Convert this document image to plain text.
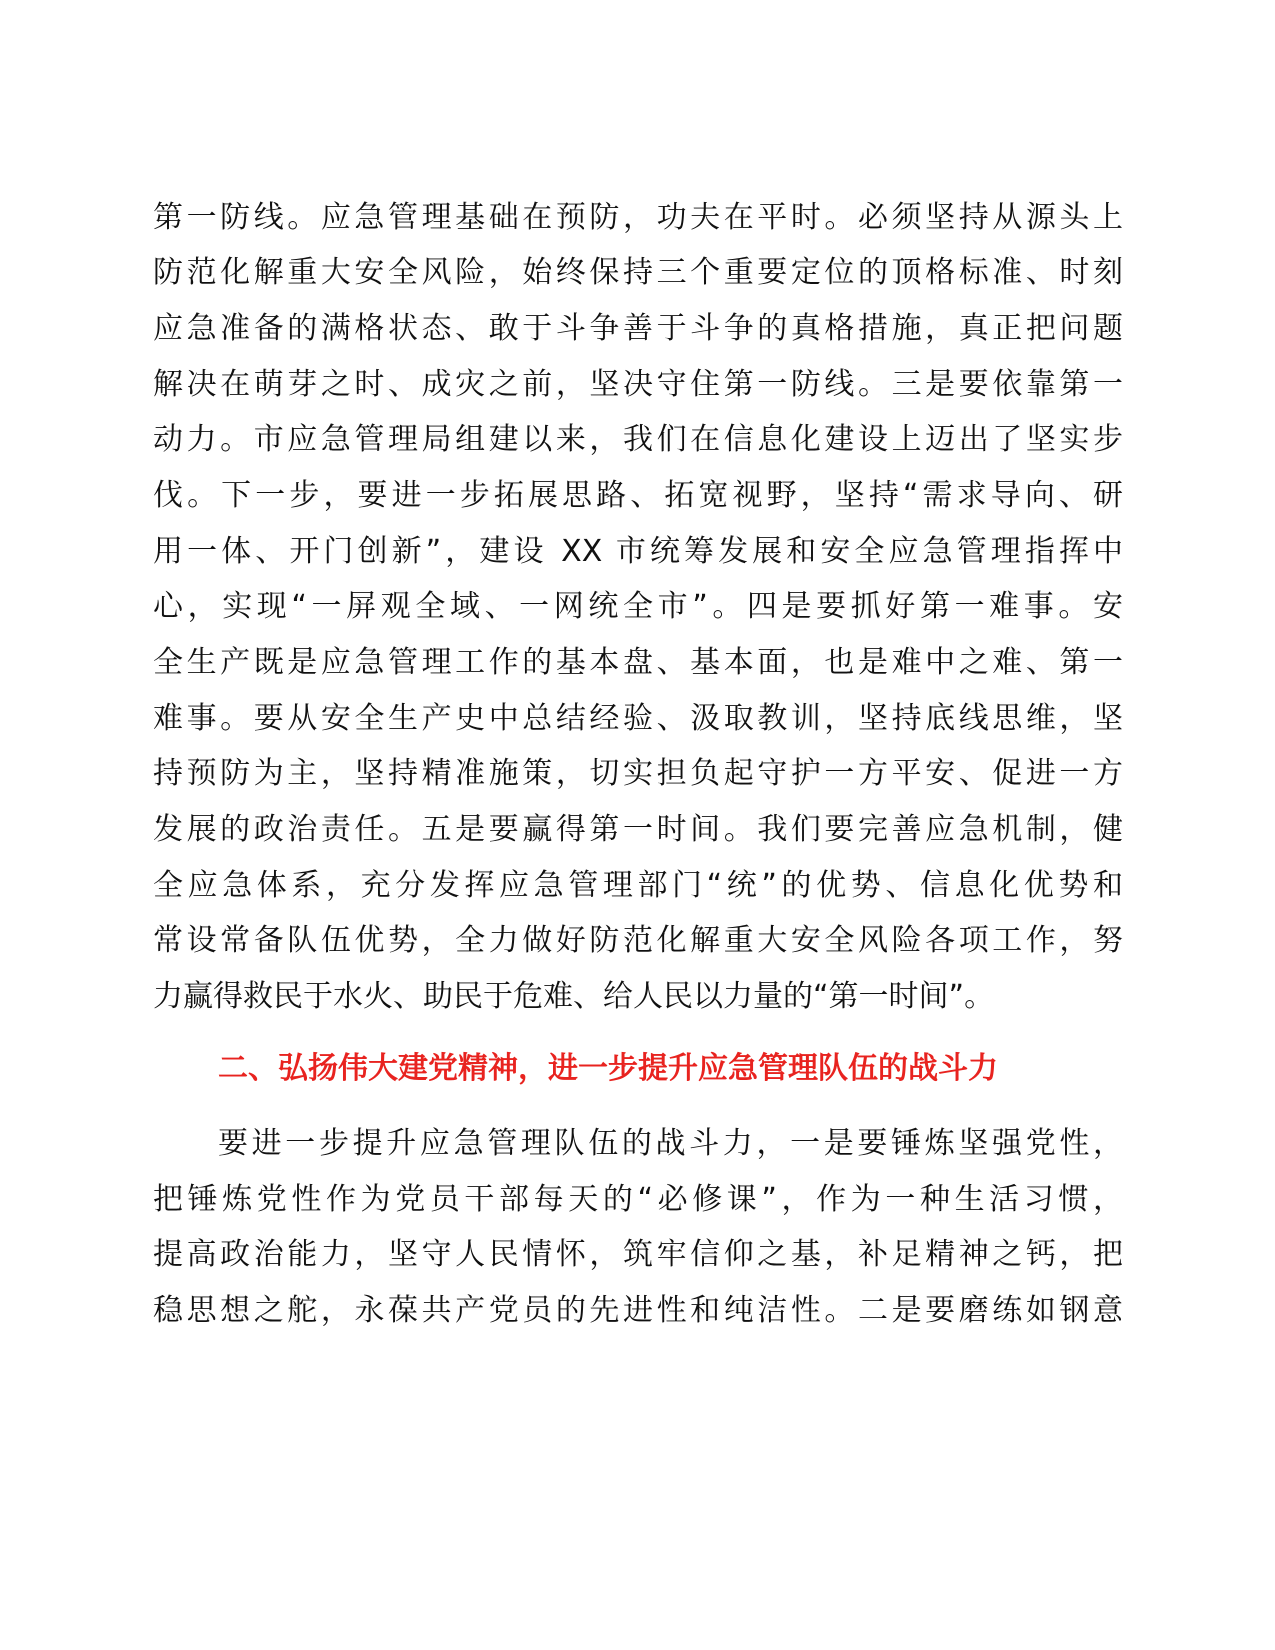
第一防线。应急管理基础在预防，功夫在平时。必须坚持从源头上
防范化解重大安全风险，始终保持三个重要定位的顶格标准、时刻
应急准备的满格状态、敢于斗争善于斗争的真格措施，真正把问题
解决在萌芽之时、成灾之前，坚决守住第一防线。三是要依靠第一
动力。市应急管理局组建以来，我们在信息化建设上迈出了坚实步
伐。下一步，要进一步拓展思路、拓宽视野，坚持“需求导向、研
用一体、开门创新”，建设 XX 市统筹发展和安全应急管理指挥中
心，实现“一屏观全域、一网统全市”。四是要抓好第一难事。安
全生产既是应急管理工作的基本盘、基本面，也是难中之难、第一
难事。要从安全生产史中总结经验、汲取教训，坚持底线思维，坚
持预防为主，坚持精准施策，切实担负起守护一方平安、促进一方
发展的政治责任。五是要赢得第一时间。我们要完善应急机制，健
全应急体系，充分发挥应急管理部门“统”的优势、信息化优势和
常设常备队伍优势，全力做好防范化解重大安全风险各项工作，努
力赢得救民于水火、助民于危难、给人民以力量的“第一时间”。
二、弘扬伟大建党精神，进一步提升应急管理队伍的战斗力
要进一步提升应急管理队伍的战斗力，一是要锤炼坚强党性，
把锤炼党性作为党员干部每天的“必修课”，作为一种生活习惯，
提高政治能力，坚守人民情怀，筑牢信仰之基，补足精神之钙，把
稳思想之舵，永葆共产党员的先进性和纯洁性。二是要磨练如钢意
